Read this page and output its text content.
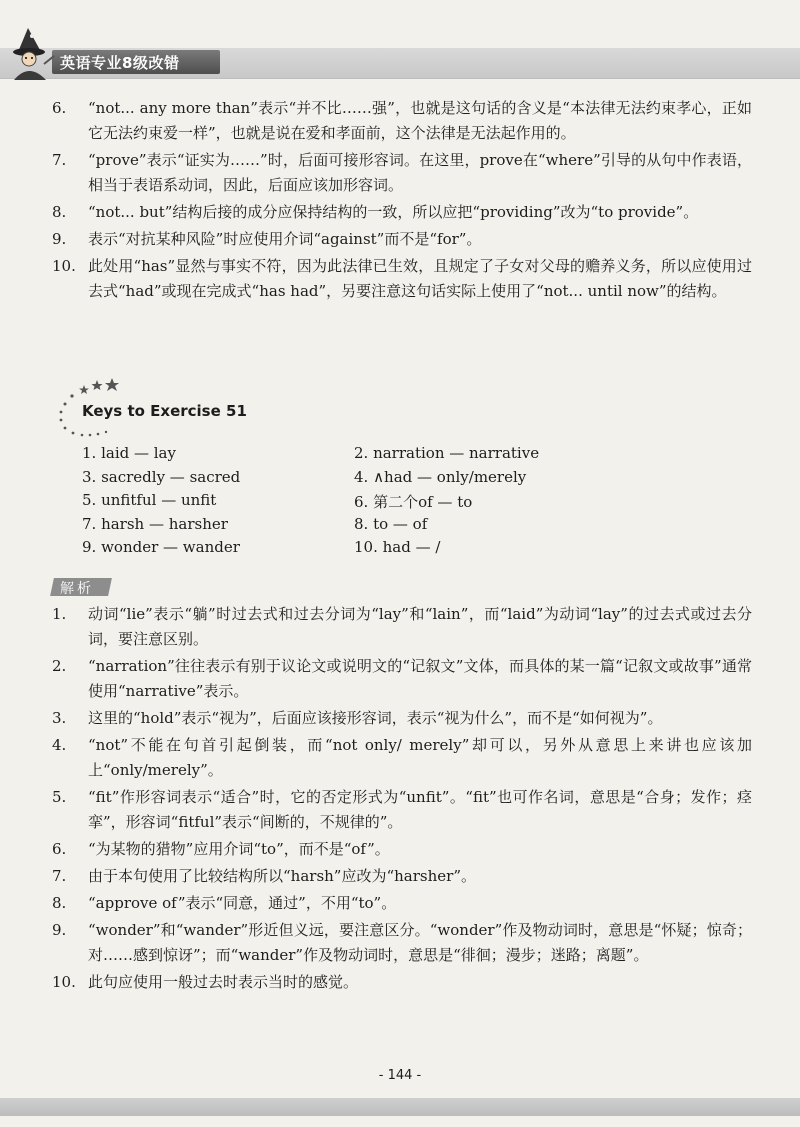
英语专业8级改错
6.	“not... any more than”表示“并不比……强”，也就是这句话的含义是“本法律无法约束孝心，正如它无法约束爱一样”，也就是说在爱和孝面前，这个法律是无法起作用的。
7.	“prove”表示“证实为……”时，后面可接形容词。在这里，prove在“where”引导的从句中作表语，相当于表语系动词，因此，后面应该加形容词。
8.	“not... but”结构后接的成分应保持结构的一致，所以应把“providing”改为“to provide”。
9.	表示“对抗某种风险”时应使用介词“against”而不是“for”。
10. 此处用“has”显然与事实不符，因为此法律已生效，且规定了子女对父母的赡养义务，所以应使用过去式“had”或现在完成式“has had”，另要注意这句话实际上使用了“not... until now”的结构。
Keys to Exercise 51
1. laid — lay	2. narration — narrative
3. sacredly — sacred	4. ∧had — only/merely
5. unfitful — unfit	6. 第二个of — to
7. harsh — harsher	8. to — of
9. wonder — wander	10. had — /
解析
1.	动词“lie”表示“躺”时过去式和过去分词为“lay”和“lain”，而“laid”为动词“lay”的过去式或过去分词，要注意区别。
2.	“narration”往往表示有别于议论文或说明文的“记叙文”文体，而具体的某一篇“记叙文或故事”通常使用“narrative”表示。
3.	这里的“hold”表示“视为”，后面应该接形容词，表示“视为什么”，而不是“如何视为”。
4.	“not”不能在句首引起倒装，而“not only/ merely”却可以，另外从意思上来讲也应该加上“only/merely”。
5.	“fit”作形容词表示“适合”时，它的否定形式为“unfit”。“fit”也可作名词，意思是“合身；发作；痉挛”，形容词“fitful”表示“间断的，不规律的”。
6.	“为某物的猎物”应用介词“to”，而不是“of”。
7.	由于本句使用了比较结构所以“harsh”应改为“harsher”。
8.	“approve of”表示“同意，通过”，不用“to”。
9.	“wonder”和“wander”形近但义远，要注意区分。“wonder”作及物动词时，意思是“怀疑；惊奇；对……感到惊讶”；而“wander”作及物动词时，意思是“徘徊；漫步；迷路；离题”。
10. 此句应使用一般过去时表示当时的感觉。
- 144 -
